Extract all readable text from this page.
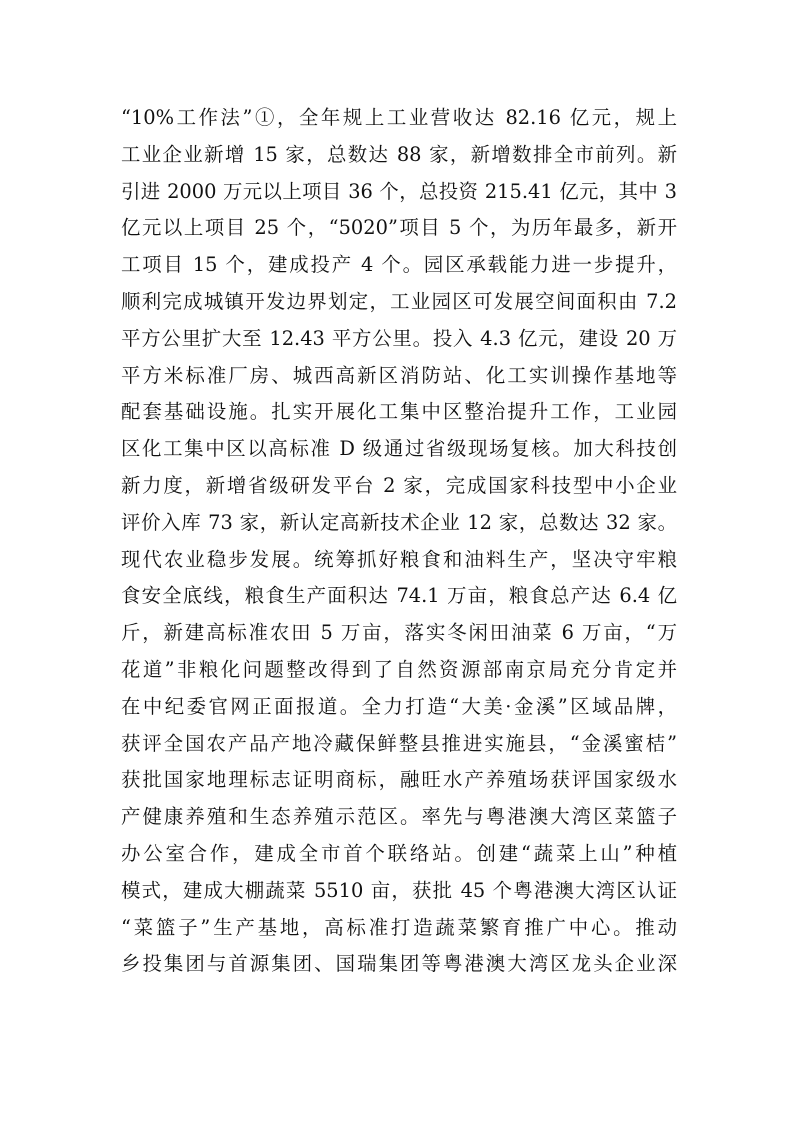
“10%工作法”①，全年规上工业营收达 82.16 亿元，规上
工业企业新增 15 家，总数达 88 家，新增数排全市前列。新
引进 2000 万元以上项目 36 个，总投资 215.41 亿元，其中 3
亿元以上项目 25 个，“5020”项目 5 个，为历年最多，新开
工项目 15 个，建成投产 4 个。园区承载能力进一步提升，
顺利完成城镇开发边界划定，工业园区可发展空间面积由 7.2
平方公里扩大至 12.43 平方公里。投入 4.3 亿元，建设 20 万
平方米标准厂房、城西高新区消防站、化工实训操作基地等
配套基础设施。扎实开展化工集中区整治提升工作，工业园
区化工集中区以高标准 D 级通过省级现场复核。加大科技创
新力度，新增省级研发平台 2 家，完成国家科技型中小企业
评价入库 73 家，新认定高新技术企业 12 家，总数达 32 家。
现代农业稳步发展。统筹抓好粮食和油料生产，坚决守牢粮
食安全底线，粮食生产面积达 74.1 万亩，粮食总产达 6.4 亿
斤，新建高标准农田 5 万亩，落实冬闲田油菜 6 万亩，“万
花道”非粮化问题整改得到了自然资源部南京局充分肯定并
在中纪委官网正面报道。全力打造“大美·金溪”区域品牌，
获评全国农产品产地冷藏保鲜整县推进实施县，“金溪蜜桔”
获批国家地理标志证明商标，融旺水产养殖场获评国家级水
产健康养殖和生态养殖示范区。率先与粤港澳大湾区菜篮子
办公室合作，建成全市首个联络站。创建“蔬菜上山”种植
模式，建成大棚蔬菜 5510 亩，获批 45 个粤港澳大湾区认证
“菜篮子”生产基地，高标准打造蔬菜繁育推广中心。推动
乡投集团与首源集团、国瑞集团等粤港澳大湾区龙头企业深
